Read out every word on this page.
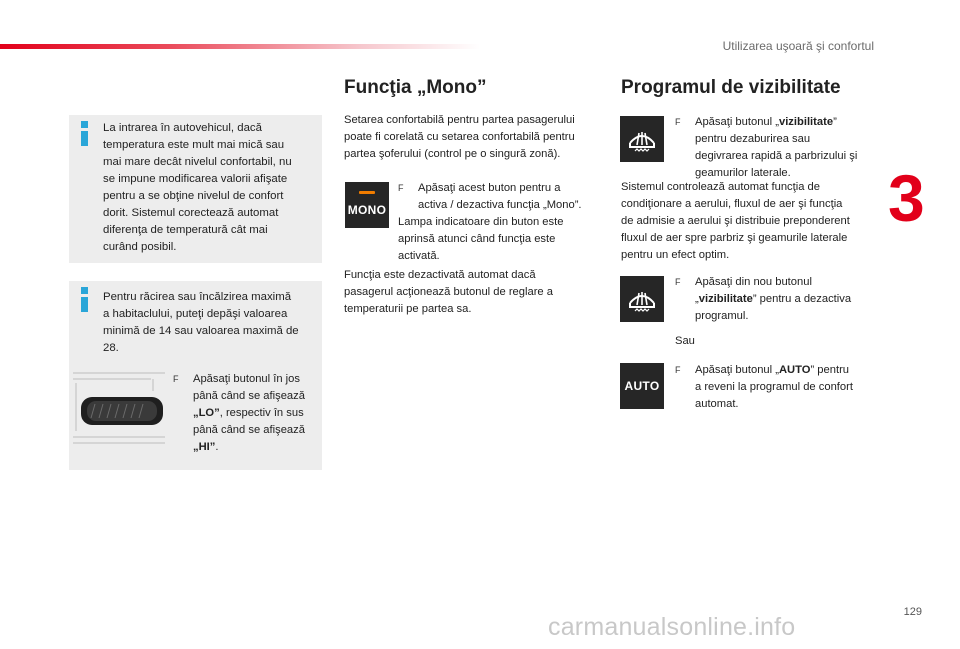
Utilizarea uşoară şi confortul
3
La intrarea în autovehicul, dacă
temperatura este mult mai mică sau
mai mare decât nivelul confortabil, nu
se impune modificarea valorii afişate
pentru a se obţine nivelul de confort
dorit. Sistemul corectează automat
diferenţa de temperatură cât mai
curând posibil.
Pentru răcirea sau încălzirea maximă
a habitaclului, puteţi depăşi valoarea
minimă de 14 sau valoarea maximă de
28.
F	Apăsaţi butonul în jos
până când se afişează
„LO”, respectiv în sus
până când se afişează
„HI”.
Funcţia „Mono”
Setarea confortabilă pentru partea pasagerului
poate fi corelată cu setarea confortabilă pentru
partea şoferului (control pe o singură zonă).
MONO
F	Apăsaţi acest buton pentru a
activa / dezactiva funcţia „Mono”.
Lampa indicatoare din buton este
aprinsă atunci când funcţia este
activată.
Funcţia este dezactivată automat dacă
pasagerul acţionează butonul de reglare a
temperaturii pe partea sa.
Programul de vizibilitate
F	Apăsaţi butonul „vizibilitate”
pentru dezaburirea sau
degivrarea rapidă a parbrizului şi
geamurilor laterale.
Sistemul controlează automat funcţia de
condiţionare a aerului, fluxul de aer şi funcţia
de admisie a aerului şi distribuie preponderent
fluxul de aer spre parbriz şi geamurile laterale
pentru un efect optim.
F	Apăsaţi din nou butonul
„vizibilitate” pentru a dezactiva
programul.
Sau
AUTO
F	Apăsaţi butonul „AUTO” pentru
a reveni la programul de confort
automat.
129
carmanualsonline.info
